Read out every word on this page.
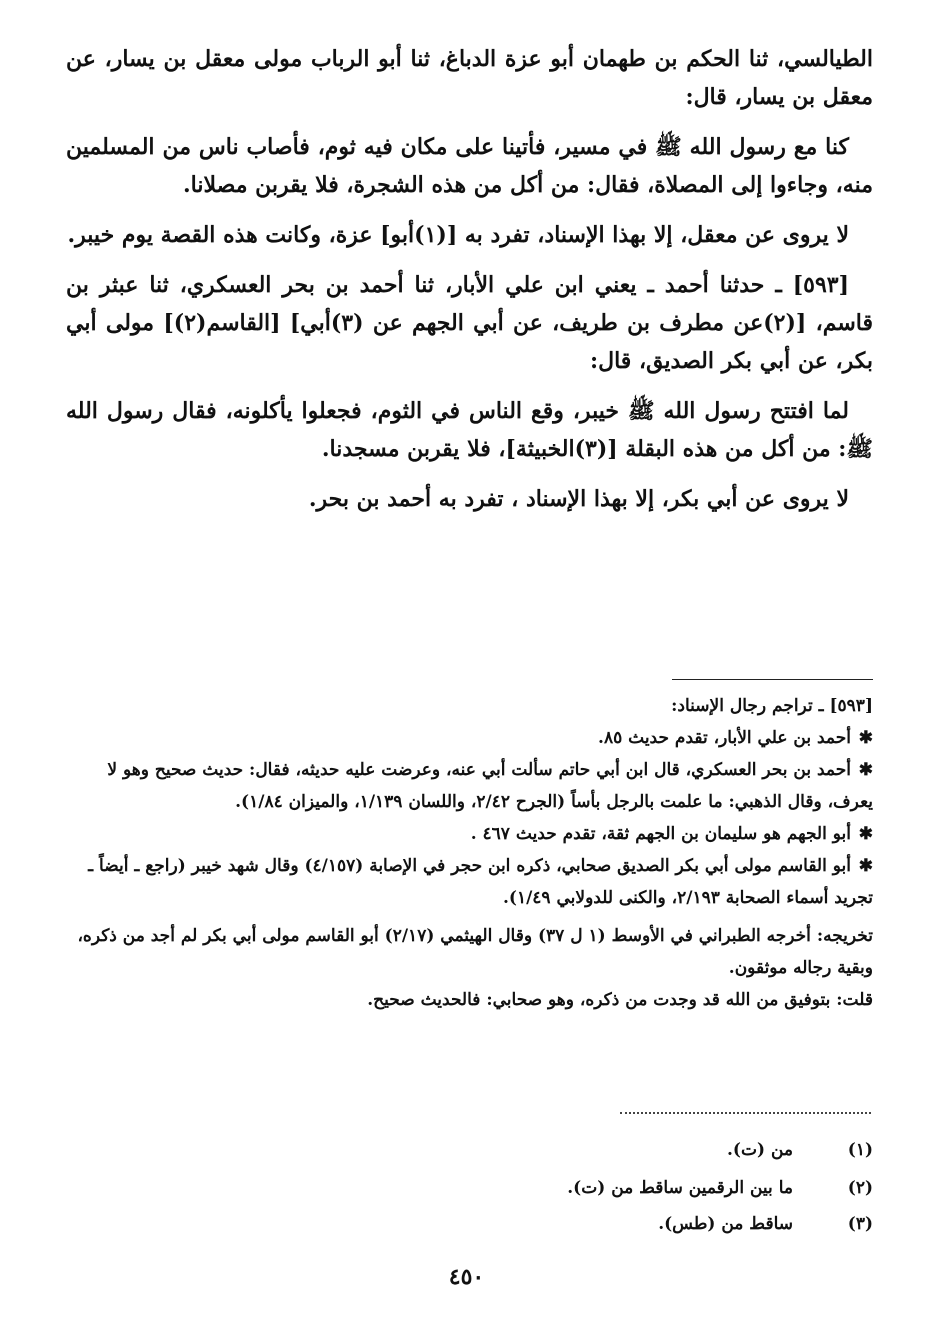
الطيالسي، ثنا الحكم بن طهمان أبو عزة الدباغ، ثنا أبو الرباب مولى معقل بن يسار، عن معقل بن يسار، قال:

كنا مع رسول الله ﷺ في مسير، فأتينا على مكان فيه ثوم، فأصاب ناس من المسلمين منه، وجاءوا إلى المصلاة، فقال: من أكل من هذه الشجرة، فلا يقربن مصلانا.

لا يروى عن معقل، إلا بهذا الإسناد، تفرد به [(١)أبو] عزة، وكانت هذه القصة يوم خيبر.

[٥٩٣] ـ حدثنا أحمد ـ يعني ابن علي الأبار، ثنا أحمد بن بحر العسكري، ثنا عبثر بن قاسم، [(٢)عن مطرف بن طريف، عن أبي الجهم عن (٣)أبي] [القاسم(٢)] مولى أبي بكر، عن أبي بكر الصديق، قال:

لما افتتح رسول الله ﷺ خيبر، وقع الناس في الثوم، فجعلوا يأكلونه، فقال رسول الله ﷺ: من أكل من هذه البقلة [(٣)الخبيثة]، فلا يقربن مسجدنا.

لا يروى عن أبي بكر، إلا بهذا الإسناد ، تفرد به أحمد بن بحر.

[٥٩٣] ـ تراجم رجال الإسناد:

✱أحمد بن علي الأبار، تقدم حديث ٨٥.

✱أحمد بن بحر العسكري، قال ابن أبي حاتم سألت أبي عنه، وعرضت عليه حديثه، فقال: حديث صحيح وهو لا يعرف، وقال الذهبي: ما علمت بالرجل بأساً (الجرح ٢/٤٢، واللسان ١/١٣٩، والميزان ١/٨٤).

✱أبو الجهم هو سليمان بن الجهم ثقة، تقدم حديث ٤٦٧ .

✱أبو القاسم مولى أبي بكر الصديق صحابي، ذكره ابن حجر في الإصابة (٤/١٥٧) وقال شهد خيبر (راجع ـ أيضاً ـ تجريد أسماء الصحابة ٢/١٩٣، والكنى للدولابي ١/٤٩).

تخريجه: أخرجه الطبراني في الأوسط (١ ل ٣٧) وقال الهيثمي (٢/١٧) أبو القاسم مولى أبي بكر لم أجد من ذكره، وبقية رجاله موثقون.

قلت: بتوفيق من الله قد وجدت من ذكره، وهو صحابي: فالحديث صحيح.

(١)
من (ت).
(٢)
ما بين الرقمين ساقط من (ت).
(٣)
ساقط من (طس).
٤٥٠
